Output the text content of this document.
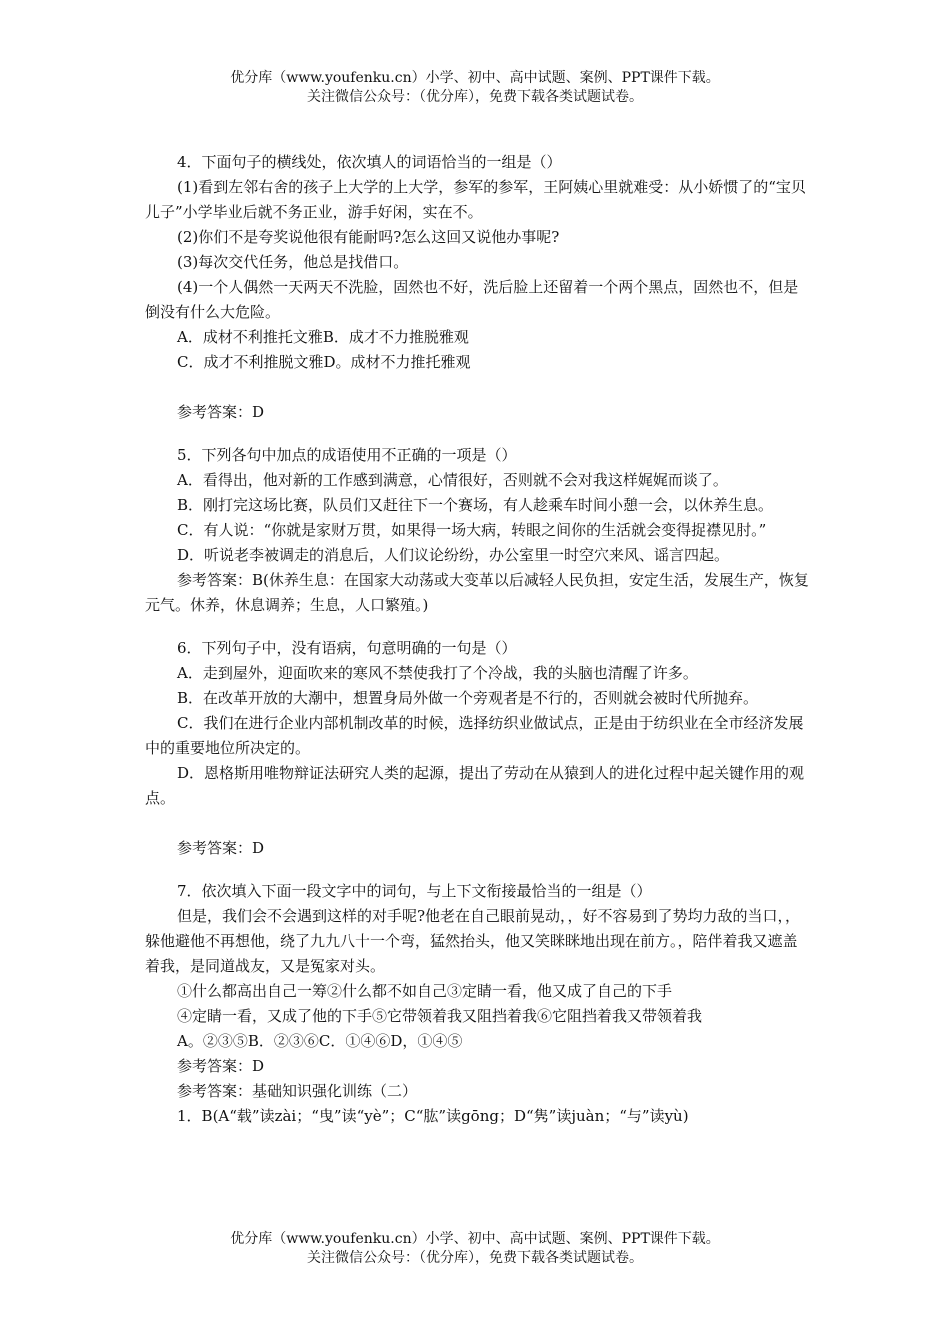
优分库（www.youfenku.cn）小学、初中、高中试题、案例、PPT课件下载。
关注微信公众号：（优分库），免费下载各类试题试卷。

4．下面句子的横线处，依次填人的词语恰当的一组是（）

(1)看到左邻右舍的孩子上大学的上大学，参军的参军，王阿姨心里就难受：从小娇惯了的“宝贝儿子”小学毕业后就不务正业，游手好闲，实在不。

(2)你们不是夸奖说他很有能耐吗?怎么这回又说他办事呢?

(3)每次交代任务，他总是找借口。

(4)一个人偶然一天两天不洗脸，固然也不好，洗后脸上还留着一个两个黑点，固然也不，但是倒没有什么大危险。

A．成材不利推托文雅B．成才不力推脱雅观

C．成才不利推脱文雅D。成材不力推托雅观

参考答案：D

5．下列各句中加点的成语使用不正确的一项是（）

A．看得出，他对新的工作感到满意，心情很好，否则就不会对我这样娓娓而谈了。

B．刚打完这场比赛，队员们又赶往下一个赛场，有人趁乘车时间小憩一会，以休养生息。

C．有人说：“你就是家财万贯，如果得一场大病，转眼之间你的生活就会变得捉襟见肘。”

D．听说老李被调走的消息后，人们议论纷纷，办公室里一时空穴来风、谣言四起。

参考答案：B(休养生息：在国家大动荡或大变革以后减轻人民负担，安定生活，发展生产，恢复元气。休养，休息调养；生息，人口繁殖。)

6．下列句子中，没有语病，句意明确的一句是（）

A．走到屋外，迎面吹来的寒风不禁使我打了个冷战，我的头脑也清醒了许多。

B．在改革开放的大潮中，想置身局外做一个旁观者是不行的，否则就会被时代所抛弃。

C．我们在进行企业内部机制改革的时候，选择纺织业做试点，正是由于纺织业在全市经济发展中的重要地位所决定的。

D．恩格斯用唯物辩证法研究人类的起源，提出了劳动在从猿到人的进化过程中起关键作用的观点。

参考答案：D

7．依次填入下面一段文字中的词句，与上下文衔接最恰当的一组是（）

但是，我们会不会遇到这样的对手呢?他老在自己眼前晃动，，好不容易到了势均力敌的当口，，躲他避他不再想他，绕了九九八十一个弯，猛然抬头，他又笑眯眯地出现在前方。，陪伴着我又遮盖着我，是同道战友，又是冤家对头。

①什么都高出自己一筹②什么都不如自己③定睛一看，他又成了自己的下手

④定睛一看，又成了他的下手⑤它带领着我又阻挡着我⑥它阻挡着我又带领着我

A。②③⑤B．②③⑥C．①④⑥D，①④⑤

参考答案：D

参考答案：基础知识强化训练（二）

1．B(A“载”读zài；“曳”读“yè”；C“肱”读gōng；D“隽”读juàn；“与”读yù)

优分库（www.youfenku.cn）小学、初中、高中试题、案例、PPT课件下载。
关注微信公众号：（优分库），免费下载各类试题试卷。
